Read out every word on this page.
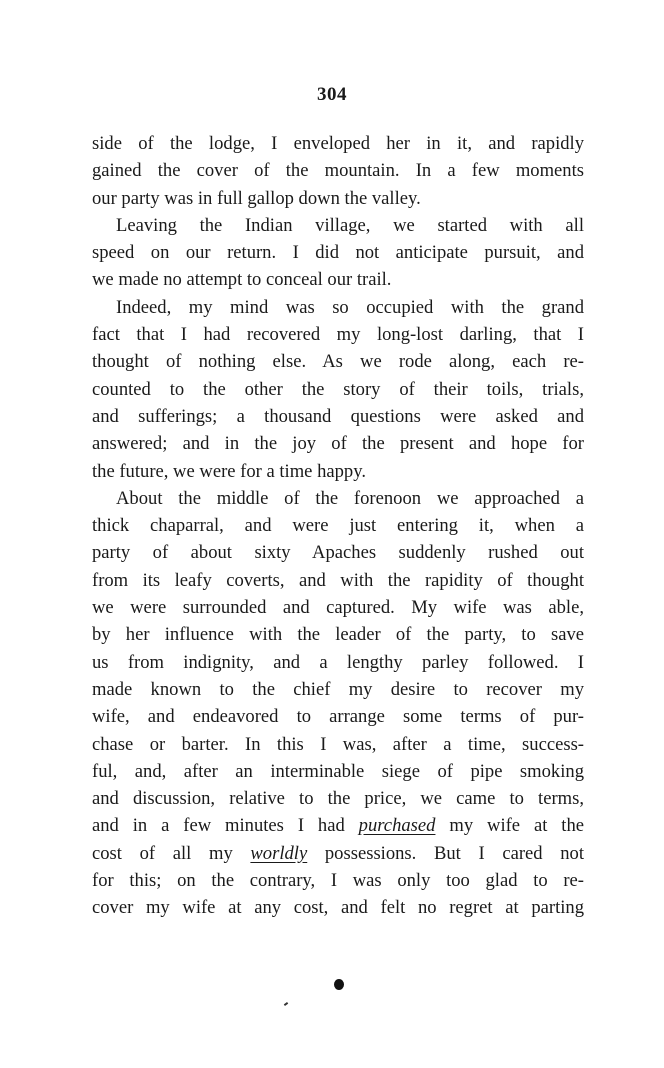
304
side of the lodge, I enveloped her in it, and rapidly
gained the cover of the mountain. In a few moments
our party was in full gallop down the valley.
Leaving the Indian village, we started with all
speed on our return. I did not anticipate pursuit, and
we made no attempt to conceal our trail.
Indeed, my mind was so occupied with the grand
fact that I had recovered my long-lost darling, that I
thought of nothing else. As we rode along, each re-
counted to the other the story of their toils, trials,
and sufferings; a thousand questions were asked and
answered; and in the joy of the present and hope for
the future, we were for a time happy.
About the middle of the forenoon we approached a
thick chaparral, and were just entering it, when a
party of about sixty Apaches suddenly rushed out
from its leafy coverts, and with the rapidity of thought
we were surrounded and captured. My wife was able,
by her influence with the leader of the party, to save
us from indignity, and a lengthy parley followed. I
made known to the chief my desire to recover my
wife, and endeavored to arrange some terms of pur-
chase or barter. In this I was, after a time, success-
ful, and, after an interminable siege of pipe smoking
and discussion, relative to the price, we came to terms,
and in a few minutes I had purchased my wife at the
cost of all my worldly possessions. But I cared not
for this; on the contrary, I was only too glad to re-
cover my wife at any cost, and felt no regret at parting
